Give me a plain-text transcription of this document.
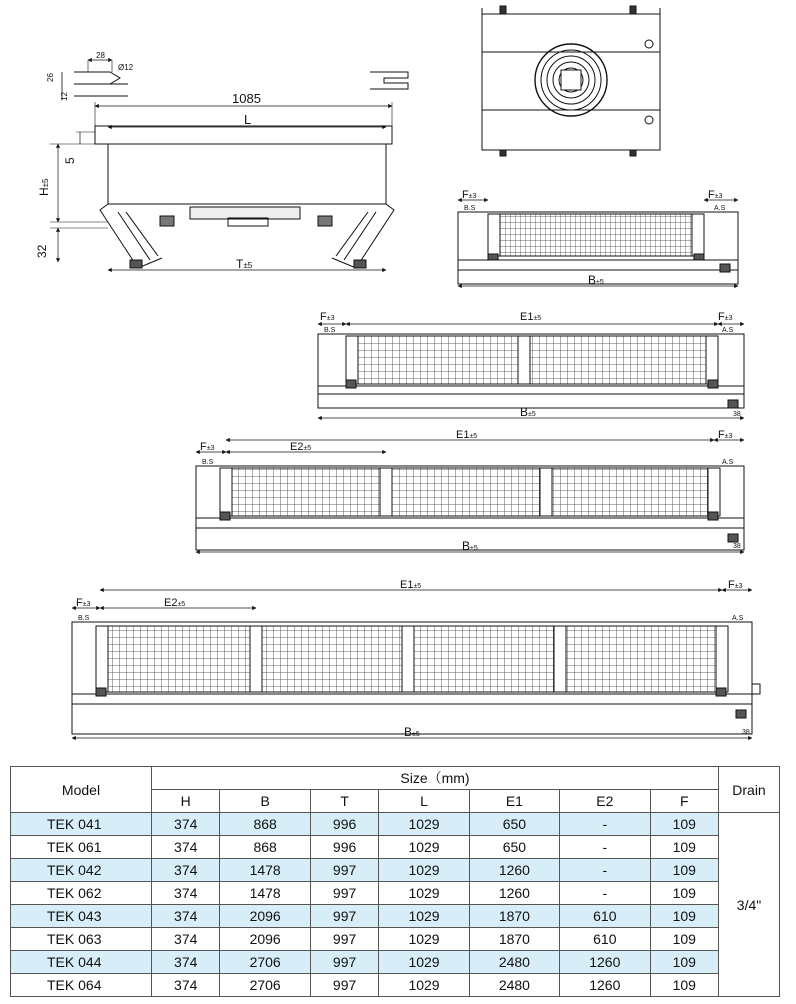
28
Ø12
26
12	1085
L
5
H±5
32
T±5
F±3	F±3
B.S	A.S
B±5
F±3	E1±5	F±3
B.S	A.S
B±5	38
F±3	E2±5
E1±5	F±3
B.S	A.S
B±5	38
F±3	E2±5
E1±5	F±3
B.S	A.S
B±5	38
Model	Size（mm)							Drain
	H	B	T	L	E1	E2	F	
TEK 041	374	868	996	1029	650	-	109	3/4"
TEK 061	374	868	996	1029	650	-	109	
TEK 042	374	1478	997	1029	1260	-	109	
TEK 062	374	1478	997	1029	1260	-	109	
TEK 043	374	2096	997	1029	1870	610	109	
TEK 063	374	2096	997	1029	1870	610	109	
TEK 044	374	2706	997	1029	2480	1260	109	
TEK 064	374	2706	997	1029	2480	1260	109	
